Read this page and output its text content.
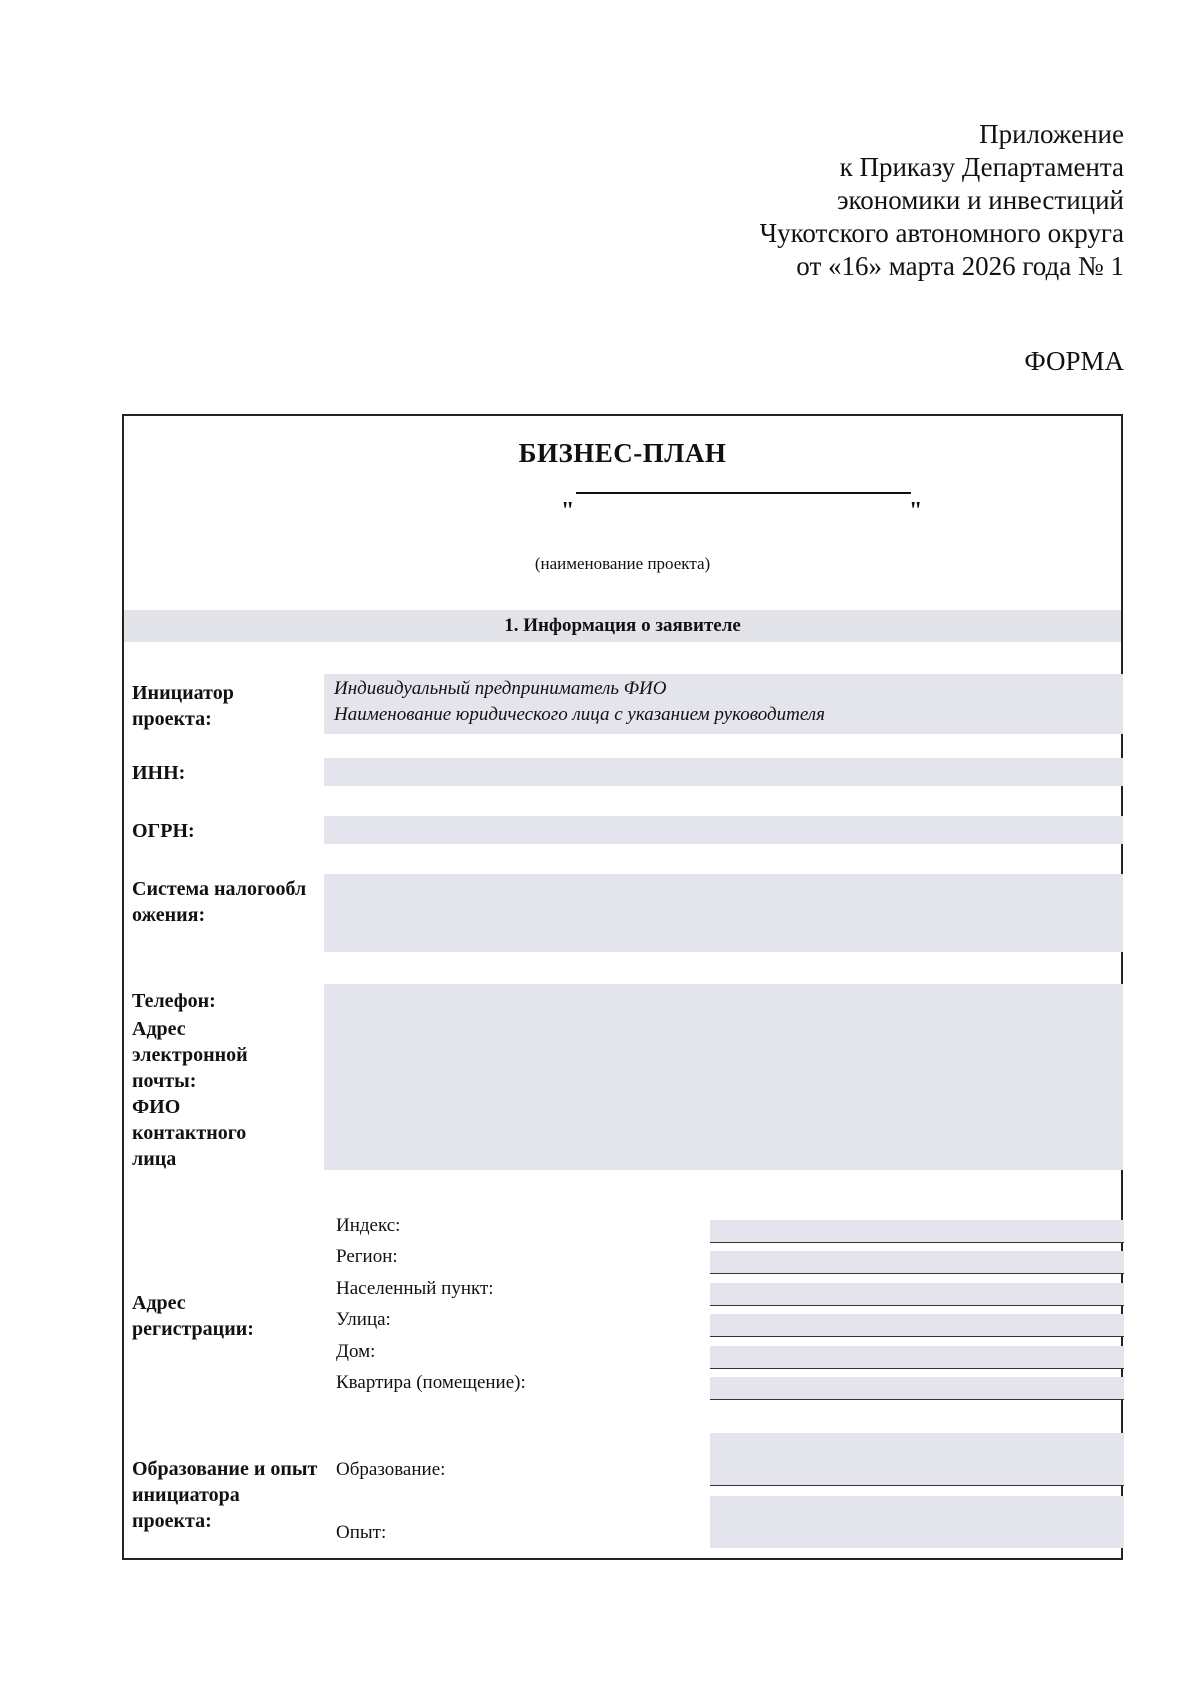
Приложение
к Приказу Департамента
экономики и инвестиций
Чукотского автономного округа
от «16» марта 2026 года № 1
ФОРМА
БИЗНЕС-ПЛАН
"	"
(наименование проекта)
1. Информация о заявителе
Инициатор проекта:
Индивидуальный предприниматель ФИО
Наименование юридического лица с указанием руководителя
ИНН:
ОГРН:
Система налогообложения:
Телефон:
Адрес электронной почты:
ФИО контактного лица
Адрес регистрации:
Индекс:
Регион:
Населенный пункт:
Улица:
Дом:
Квартира (помещение):
Образование и опыт инициатора проекта:
Образование:
Опыт:
